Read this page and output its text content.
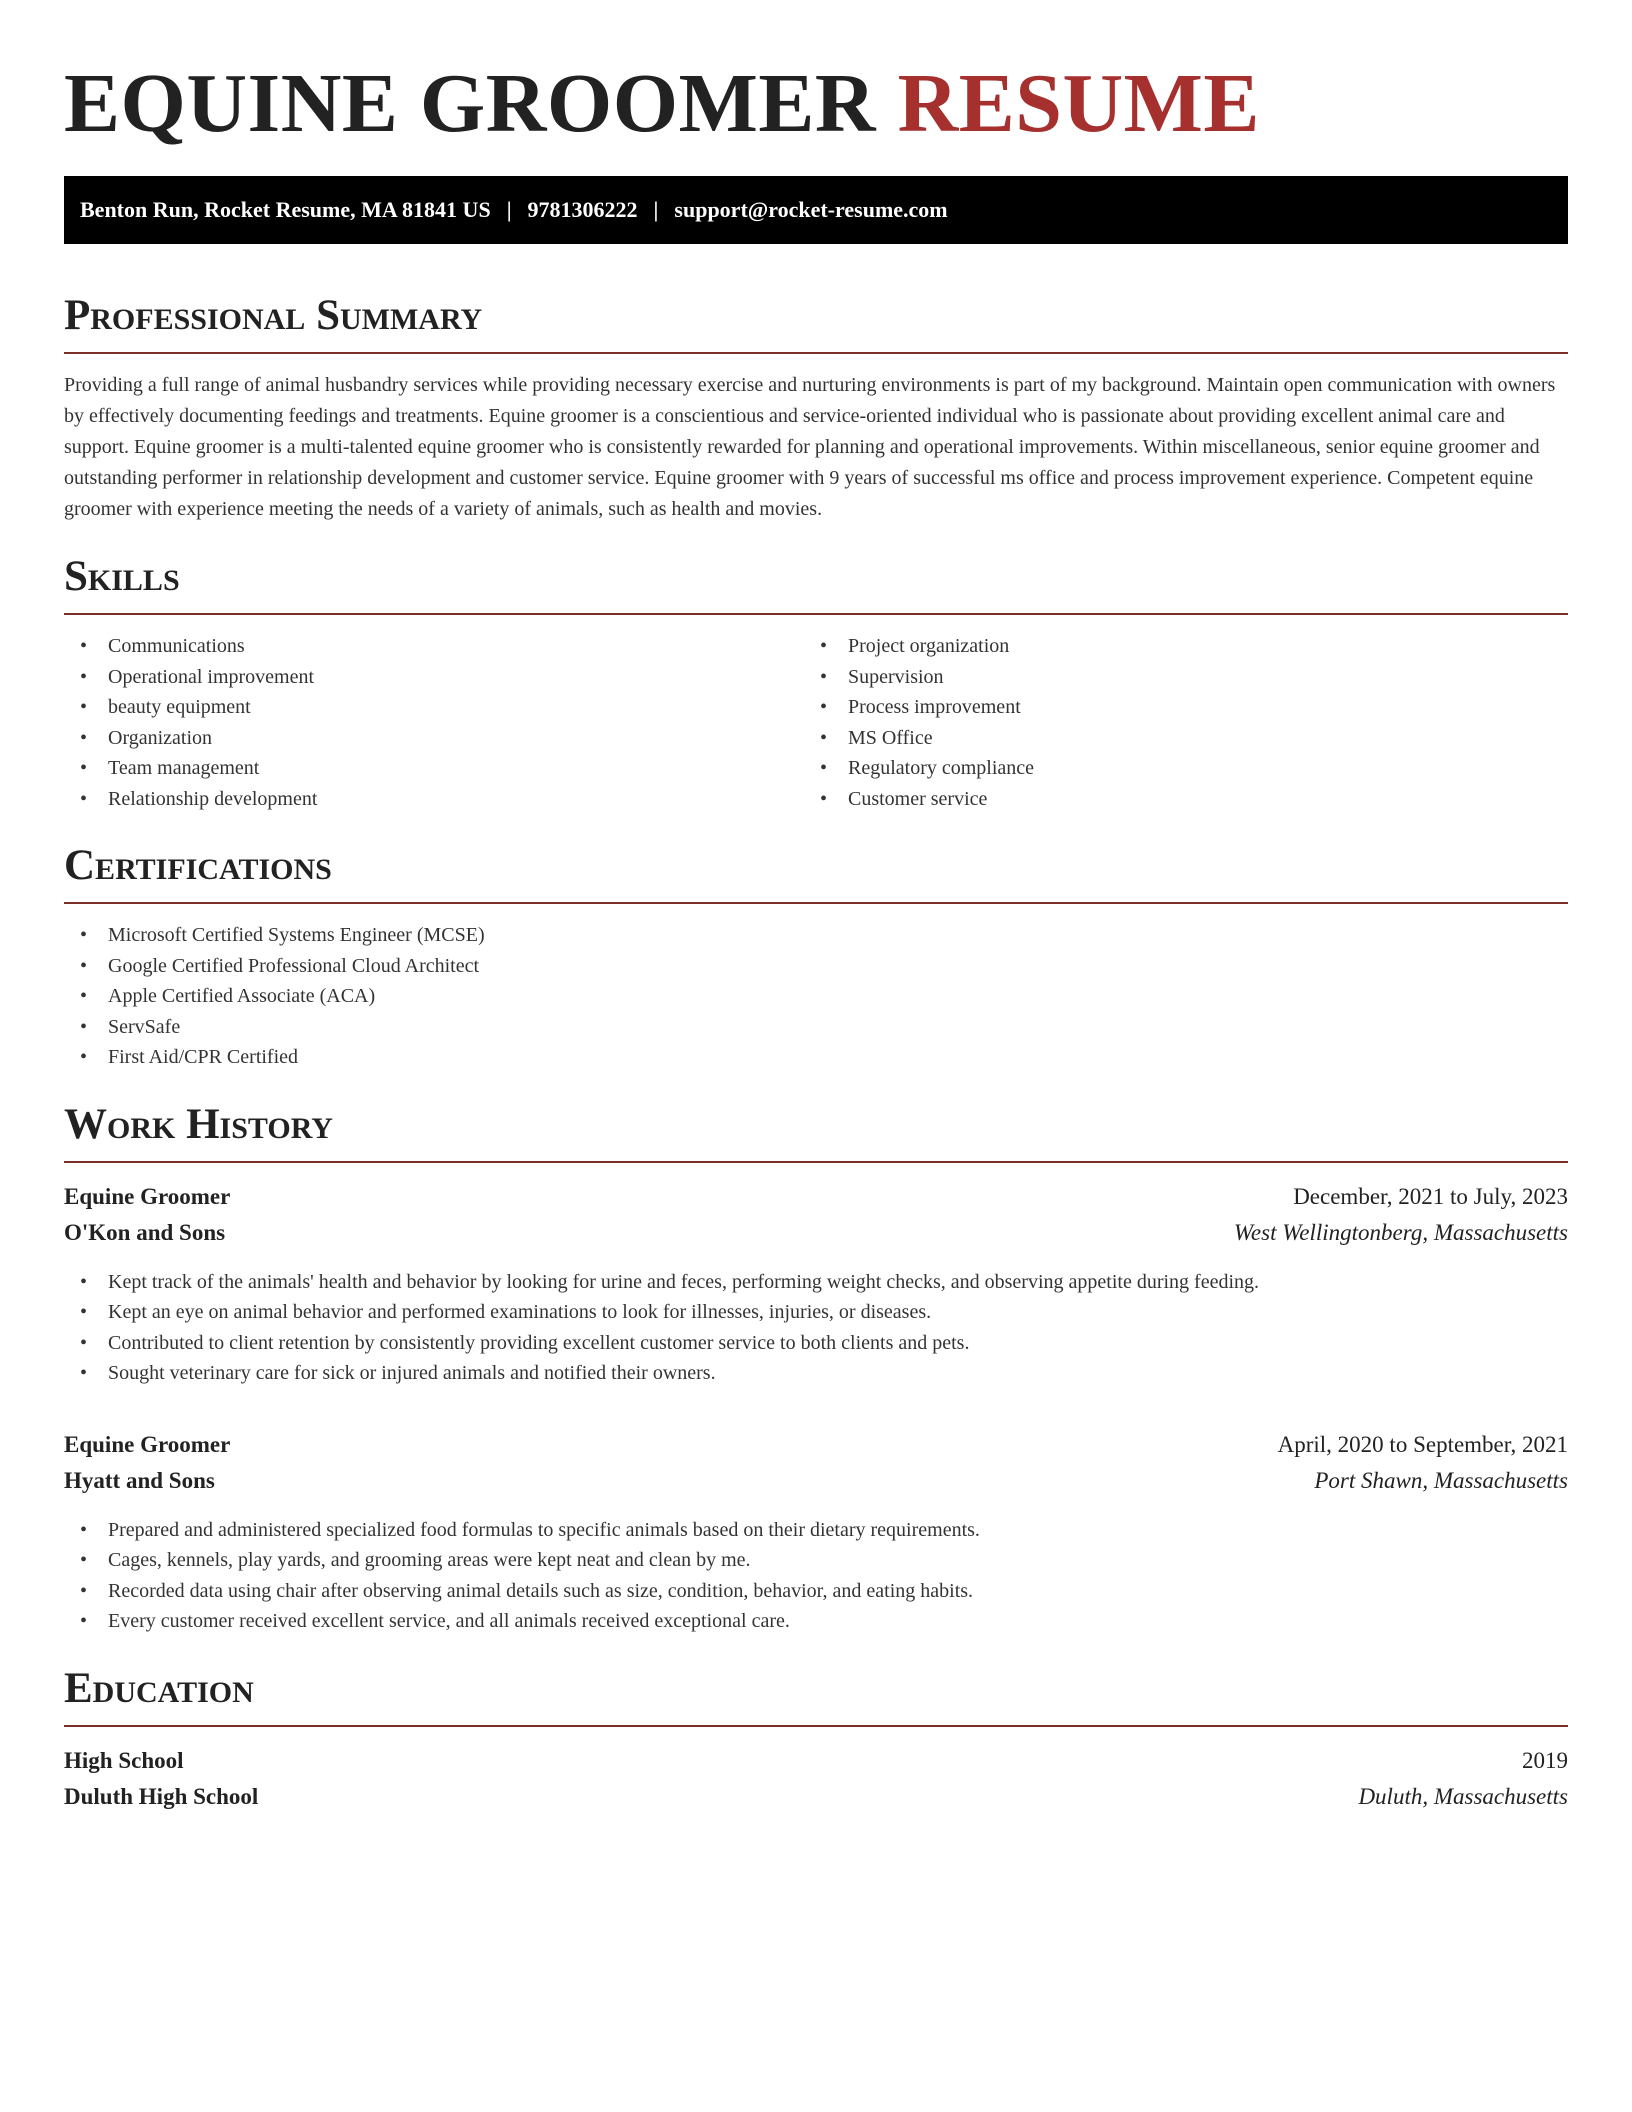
EQUINE GROOMER RESUME
Benton Run, Rocket Resume, MA 81841 US | 9781306222 | support@rocket-resume.com
Professional Summary

Providing a full range of animal husbandry services while providing necessary exercise and nurturing environments is part of my background. Maintain open communication with owners by effectively documenting feedings and treatments. Equine groomer is a conscientious and service-oriented individual who is passionate about providing excellent animal care and support. Equine groomer is a multi-talented equine groomer who is consistently rewarded for planning and operational improvements. Within miscellaneous, senior equine groomer and outstanding performer in relationship development and customer service. Equine groomer with 9 years of successful ms office and process improvement experience. Competent equine groomer with experience meeting the needs of a variety of animals, such as health and movies.

Skills
• Communications
• Operational improvement
• beauty equipment
• Organization
• Team management
• Relationship development
• Project organization
• Supervision
• Process improvement
• MS Office
• Regulatory compliance
• Customer service
Certifications
• Microsoft Certified Systems Engineer (MCSE)
• Google Certified Professional Cloud Architect
• Apple Certified Associate (ACA)
• ServSafe
• First Aid/CPR Certified
Work History
Equine Groomer	December, 2021 to July, 2023
O'Kon and Sons	West Wellingtonberg, Massachusetts
• Kept track of the animals' health and behavior by looking for urine and feces, performing weight checks, and observing appetite during feeding.
• Kept an eye on animal behavior and performed examinations to look for illnesses, injuries, or diseases.
• Contributed to client retention by consistently providing excellent customer service to both clients and pets.
• Sought veterinary care for sick or injured animals and notified their owners.
Equine Groomer	April, 2020 to September, 2021
Hyatt and Sons	Port Shawn, Massachusetts
• Prepared and administered specialized food formulas to specific animals based on their dietary requirements.
• Cages, kennels, play yards, and grooming areas were kept neat and clean by me.
• Recorded data using chair after observing animal details such as size, condition, behavior, and eating habits.
• Every customer received excellent service, and all animals received exceptional care.
Education
High School	2019
Duluth High School	Duluth, Massachusetts
